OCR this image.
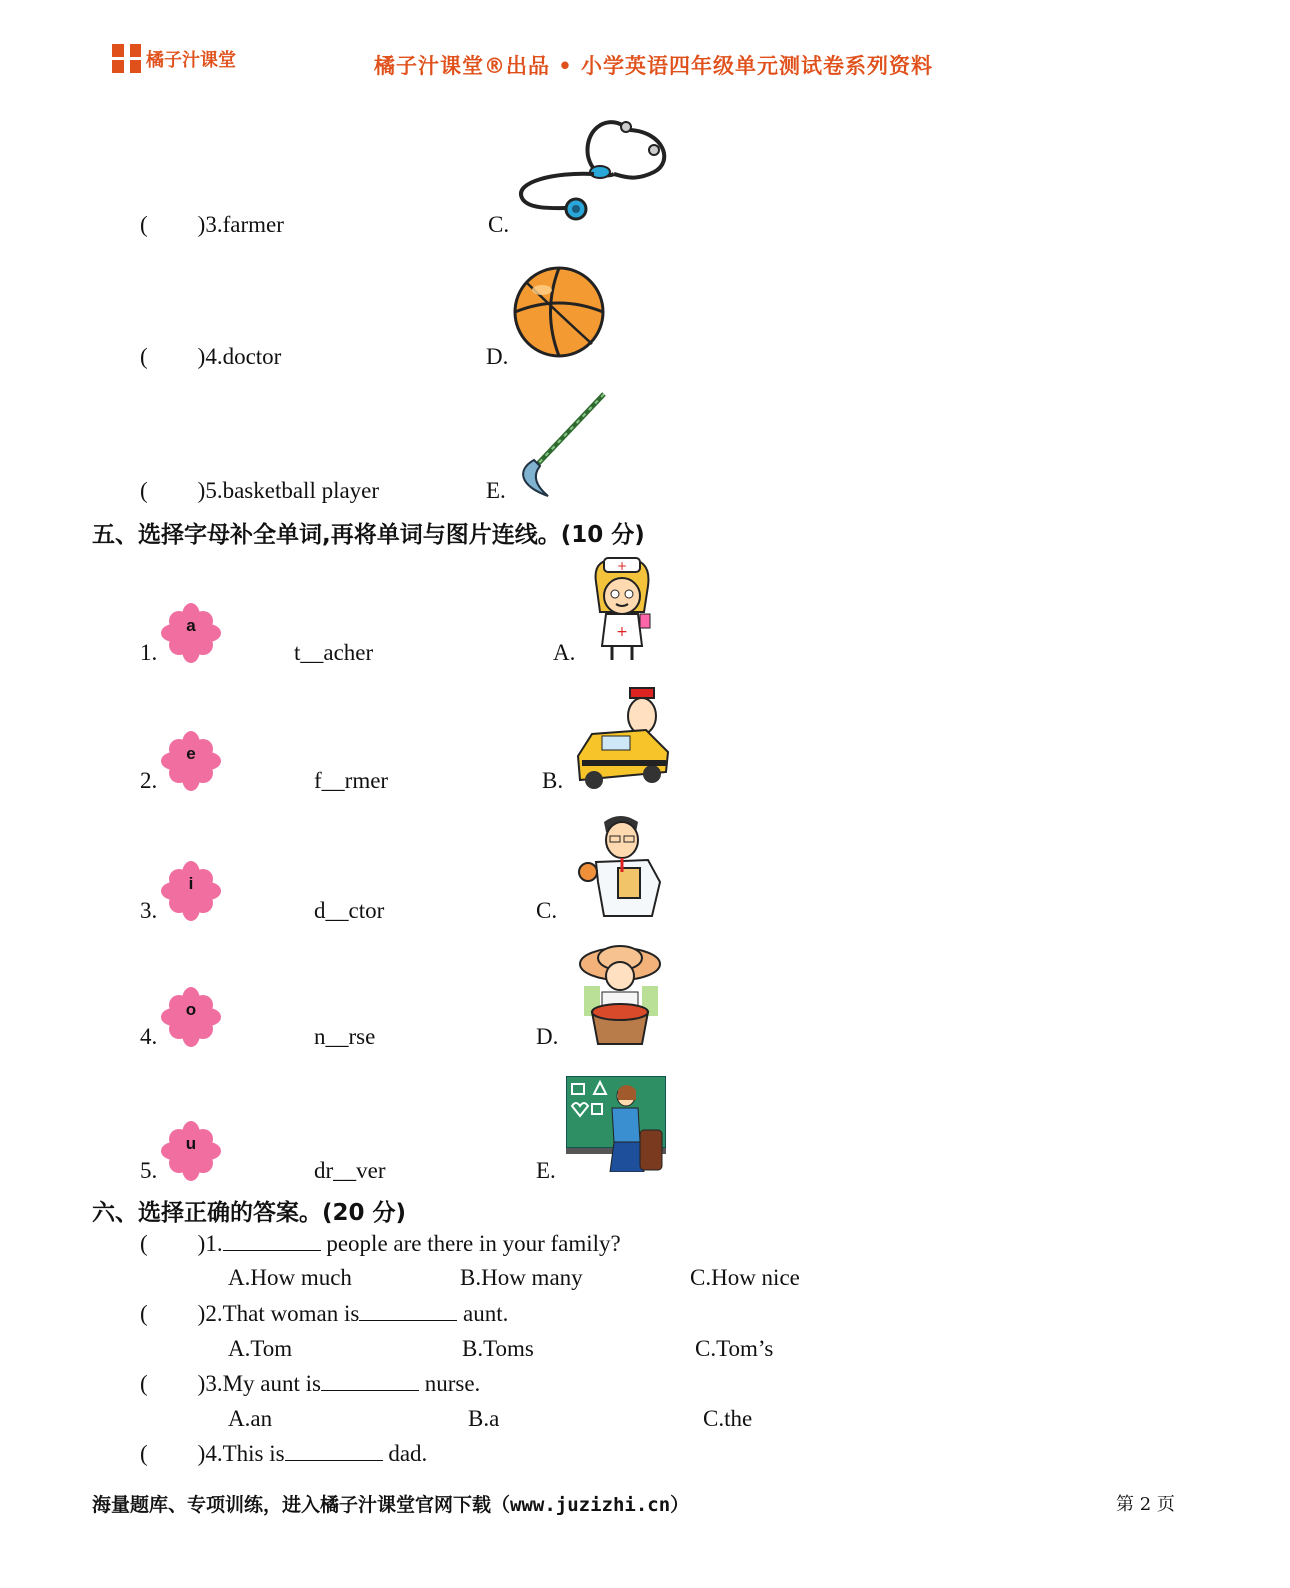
橘子汁课堂	橘子汁课堂®出品 • 小学英语四年级单元测试卷系列资料
( )3.farmer	C.
( )4.doctor	D.
( )5.basketball player	E.
五、选择字母补全单词,再将单词与图片连线。(10 分)
1.
a
t__acher	A.
2.
e
f__rmer	B.
3.
i
d__ctor	C.
4.
o
n__rse	D.
5.
u
dr__ver	E.
+
+
六、选择正确的答案。(20 分)
( )1.	people are there in your family?
A.How much	B.How many	C.How nice
( )2.That woman is	aunt.
A.Tom	B.Toms	C.Tom’s
( )3.My aunt is	nurse.
A.an	B.a	C.the
( )4.This is	dad.
海量题库、专项训练，进入橘子汁课堂官网下载（www.juzizhi.cn）	第 2 页
